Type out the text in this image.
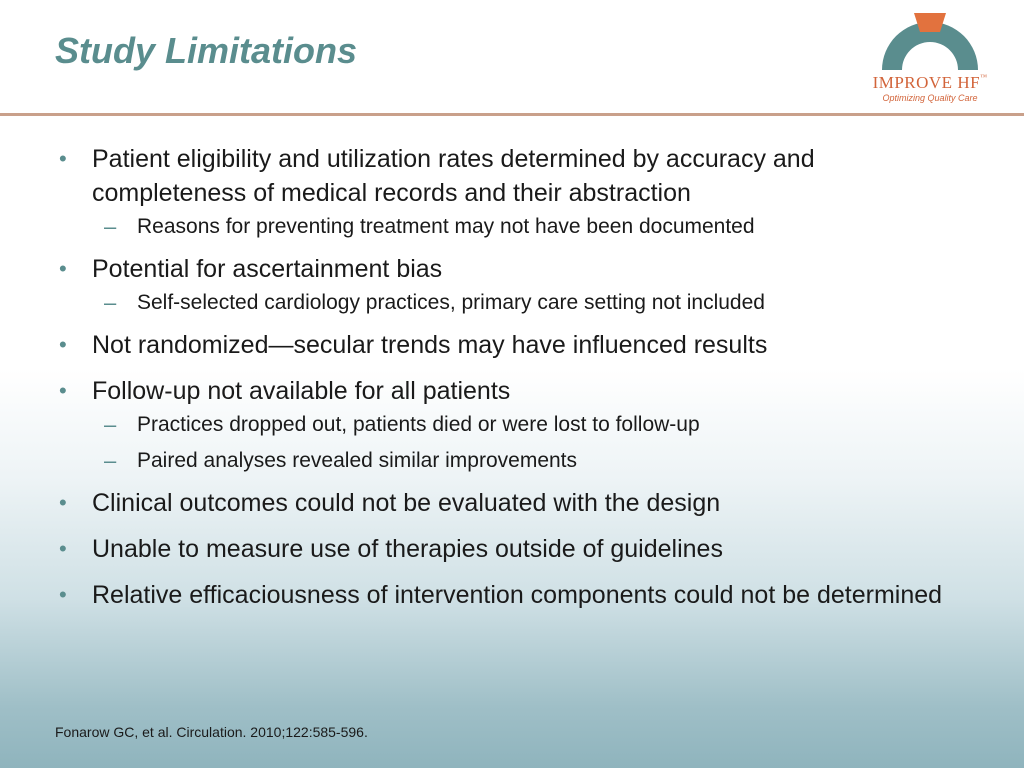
Study Limitations
IMPROVE HF™
Optimizing Quality Care
• Patient eligibility and utilization rates determined by accuracy and completeness of medical records and their abstraction
– Reasons for preventing treatment may not have been documented
• Potential for ascertainment bias
– Self-selected cardiology practices, primary care setting not included
• Not randomized—secular trends may have influenced results
• Follow-up not available for all patients
– Practices dropped out, patients died or were lost to follow-up
– Paired analyses revealed similar improvements
• Clinical outcomes could not be evaluated with the design
• Unable to measure use of therapies outside of guidelines
• Relative efficaciousness of intervention components could not be determined

Fonarow GC, et al. Circulation. 2010;122:585-596.
